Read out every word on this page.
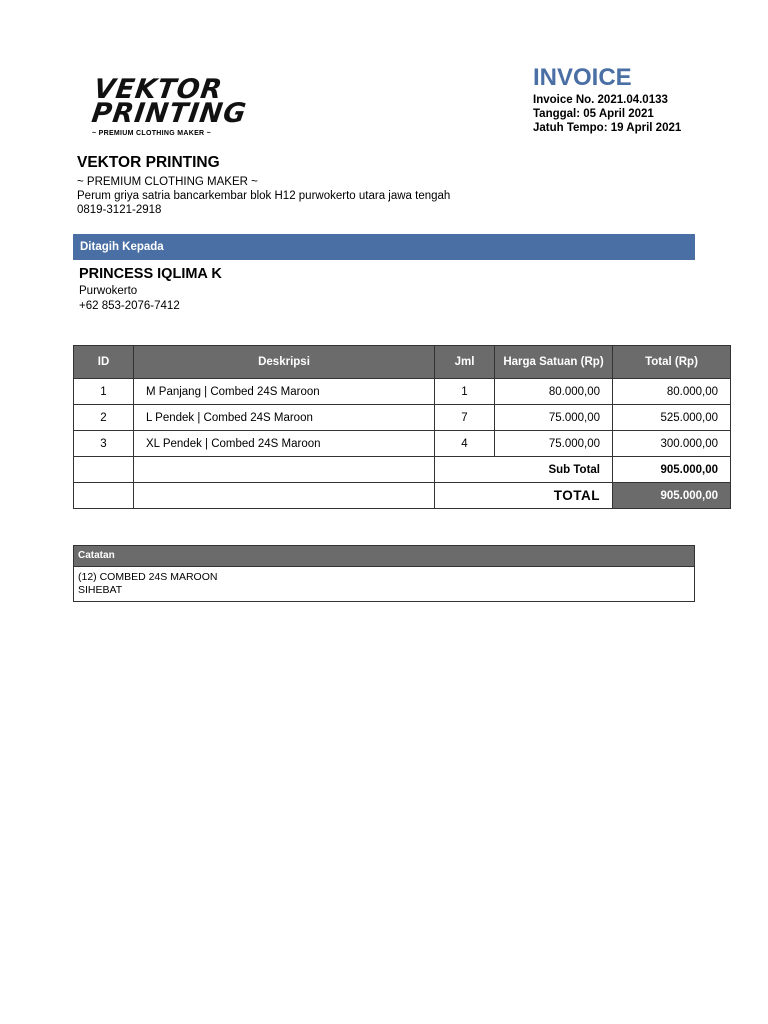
VEKTOR
PRINTING
~ PREMIUM CLOTHING MAKER ~
INVOICE
Invoice No. 2021.04.0133
Tanggal: 05 April 2021
Jatuh Tempo: 19 April 2021
VEKTOR PRINTING
~ PREMIUM CLOTHING MAKER ~
Perum griya satria bancarkembar blok H12 purwokerto utara jawa tengah
0819-3121-2918
Ditagih Kepada
PRINCESS IQLIMA K
Purwokerto
+62 853-2076-7412
ID	Deskripsi	Jml	Harga Satuan (Rp)	Total (Rp)
1	M Panjang | Combed 24S Maroon	1	80.000,00	80.000,00
2	L Pendek | Combed 24S Maroon	7	75.000,00	525.000,00
3	XL Pendek | Combed 24S Maroon	4	75.000,00	300.000,00
		Sub Total		905.000,00
		TOTAL		905.000,00
Catatan
(12) COMBED 24S MAROON
SIHEBAT
